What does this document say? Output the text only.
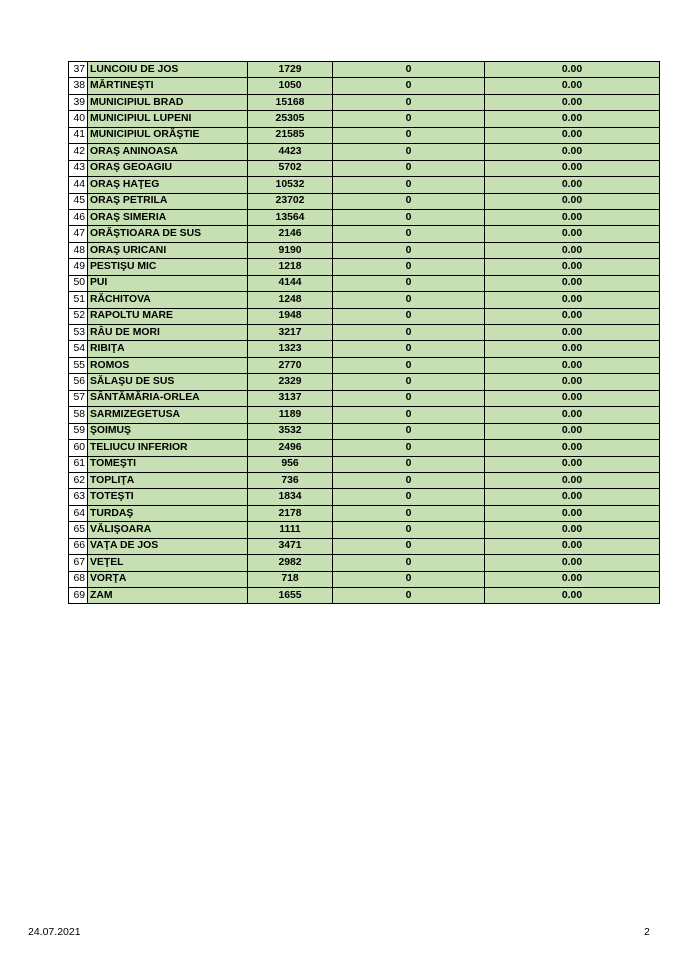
37	LUNCOIU DE JOS	1729	0	0.00
38	MĂRTINEŞTI	1050	0	0.00
39	MUNICIPIUL BRAD	15168	0	0.00
40	MUNICIPIUL LUPENI	25305	0	0.00
41	MUNICIPIUL ORĂŞTIE	21585	0	0.00
42	ORAŞ ANINOASA	4423	0	0.00
43	ORAŞ GEOAGIU	5702	0	0.00
44	ORAŞ HAŢEG	10532	0	0.00
45	ORAŞ PETRILA	23702	0	0.00
46	ORAŞ SIMERIA	13564	0	0.00
47	ORĂŞTIOARA DE SUS	2146	0	0.00
48	ORAŞ URICANI	9190	0	0.00
49	PESTIŞU MIC	1218	0	0.00
50	PUI	4144	0	0.00
51	RĂCHITOVA	1248	0	0.00
52	RAPOLTU MARE	1948	0	0.00
53	RÂU DE MORI	3217	0	0.00
54	RIBIŢA	1323	0	0.00
55	ROMOS	2770	0	0.00
56	SĂLAŞU DE SUS	2329	0	0.00
57	SÂNTĂMĂRIA-ORLEA	3137	0	0.00
58	SARMIZEGETUSA	1189	0	0.00
59	ŞOIMUŞ	3532	0	0.00
60	TELIUCU INFERIOR	2496	0	0.00
61	TOMEŞTI	956	0	0.00
62	TOPLIŢA	736	0	0.00
63	TOTEŞTI	1834	0	0.00
64	TURDAŞ	2178	0	0.00
65	VĂLIŞOARA	1111	0	0.00
66	VAŢA DE JOS	3471	0	0.00
67	VEŢEL	2982	0	0.00
68	VORŢA	718	0	0.00
69	ZAM	1655	0	0.00
24.07.2021	2
